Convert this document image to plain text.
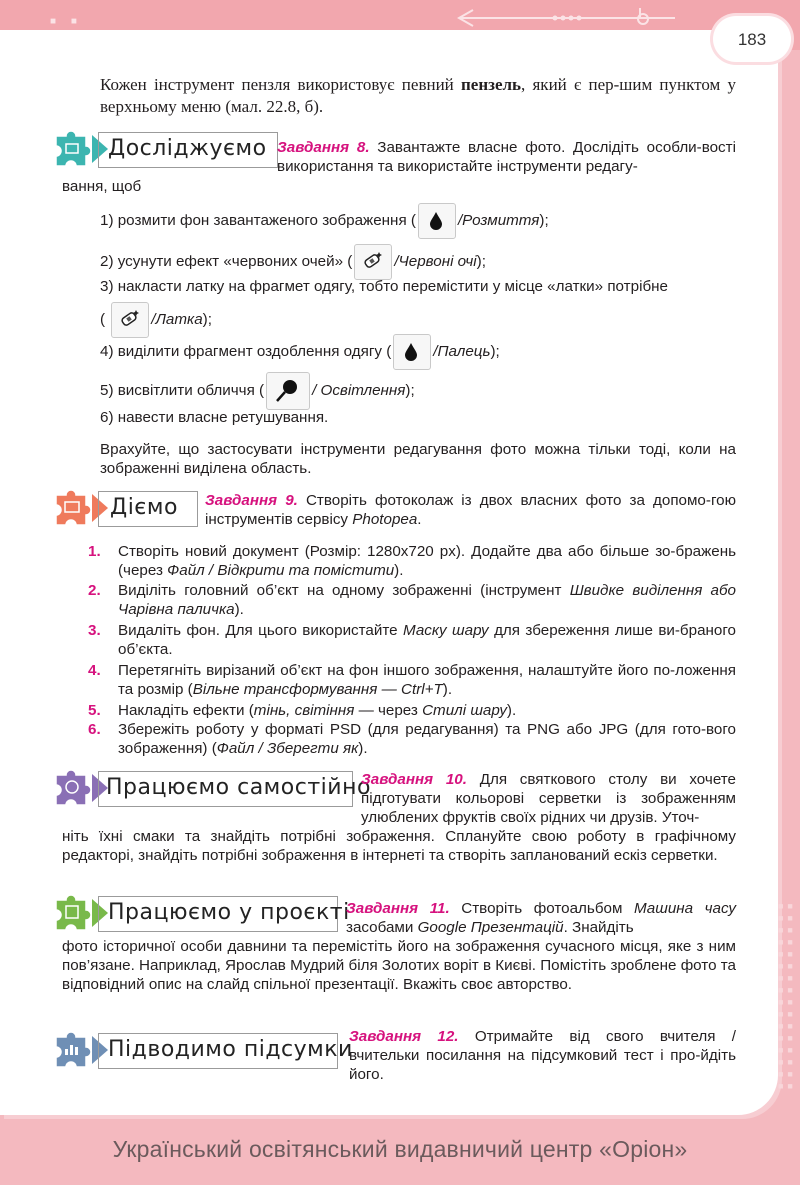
■ ■
183
■■ ■■ ■■ ■■ ■■ ■■ ■■ ■■ ■■ ■■ ■■ ■■ ■■ ■■ ■■ ■■
Кожен інструмент пензля використовує певний пензель, який є пер-шим пунктом у верхньому меню (мал. 22.8, б).
Досліджуємо Завдання 8. Завантажте власне фото. Дослідіть особли-вості використання та використайте інструменти редагу-
вання, щоб
1) розмити фон завантаженого зображення (	/Розмиття);
2) усунути ефект «червоних очей» (	/Червоні очі);
3) накласти латку на фрагмет одягу, тобто перемістити у місце «латки» потрібне
(	/Латка);
4) виділити фрагмент оздоблення одягу (	/Палець);
5) висвітлити обличчя (	/ Освітлення);
6) навести власне ретушування.
Врахуйте, що застосувати інструменти редагування фото можна тільки тоді, коли на зображенні виділена область.
Діємо Завдання 9. Створіть фотоколаж із двох власних фото за допомо-гою інструментів сервісу Photopea.
1. Створіть новий документ (Розмір: 1280x720 px). Додайте два або більше зо-бражень (через Файл / Відкрити та помістити).
2. Виділіть головний об’єкт на одному зображенні (інструмент Швидке виділення або Чарівна паличка).
3. Видаліть фон. Для цього використайте Маску шару для збереження лише ви-браного об’єкта.
4. Перетягніть вирізаний об’єкт на фон іншого зображення, налаштуйте його по-ложення та розмір (Вільне трансформування — Ctrl+T).
5. Накладіть ефекти (тінь, світіння — через Стилі шару).
6. Збережіть роботу у форматі PSD (для редагування) та PNG або JPG (для гото-вого зображення) (Файл / Зберегти як).
Працюємо самостійно
Завдання 10. Для святкового столу ви хочете підготувати кольорові серветки із зображенням улюблених фруктів своїх рідних чи друзів. Уточ-
ніть їхні смаки та знайдіть потрібні зображення. Сплануйте свою роботу в графічному редакторі, знайдіть потрібні зображення в інтернеті та створіть запланований ескіз серветки.
Працюємо у проєкті
Завдання 11. Створіть фотоальбом Машина часу засобами Google Презентацій. Знайдіть
фото історичної особи давнини та перемістіть його на зображення сучасного місця, яке з ним пов’язане. Наприклад, Ярослав Мудрий біля Золотих воріт в Києві. Помістіть зроблене фото та відповідний опис на слайд спільної презентації. Вкажіть своє авторство.
Підводимо підсумки
Завдання 12. Отримайте від свого вчителя / вчительки посилання на підсумковий тест і про-йдіть його.
Український освітянський видавничий центр «Оріон»
